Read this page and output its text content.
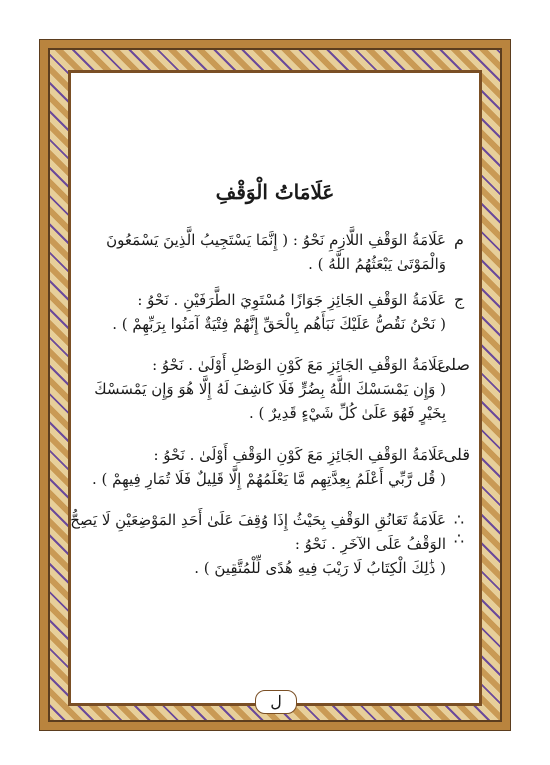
عَلَامَاتُ الْوَقْفِ
م
عَلَامَةُ الوَقْفِ اللَّازِمِ نَحْوُ : ( إِنَّمَا يَسْتَجِيبُ الَّذِينَ يَسْمَعُونَ
وَالْمَوْتَىٰ يَبْعَثُهُمُ اللَّهُ ) .
ج
عَلَامَةُ الوَقْفِ الجَائِزِ جَوَازًا مُسْتَوِيَ الطَّرَفَيْنِ . نَحْوُ :
( نَحْنُ نَقُصُّ عَلَيْكَ نَبَأَهُم بِالْحَقِّ إِنَّهُمْ فِتْيَةٌ آمَنُوا بِرَبِّهِمْ ) .
صلى
عَلَامَةُ الوَقْفِ الجَائِزِ مَعَ كَوْنِ الوَصْلِ أَوْلَىٰ . نَحْوُ :
( وَإِن يَمْسَسْكَ اللَّهُ بِضُرٍّ فَلَا كَاشِفَ لَهُ إِلَّا هُوَ وَإِن يَمْسَسْكَ
بِخَيْرٍ فَهُوَ عَلَىٰ كُلِّ شَيْءٍ قَدِيرٌ ) .
قلى
عَلَامَةُ الوَقْفِ الجَائِزِ مَعَ كَوْنِ الوَقْفِ أَوْلَىٰ . نَحْوُ :
( قُل رَّبِّي أَعْلَمُ بِعِدَّتِهِم مَّا يَعْلَمُهُمْ إِلَّا قَلِيلٌ فَلَا تُمَارِ فِيهِمْ ) .
∴ ∴
عَلَامَةُ تَعَانُقِ الوَقْفِ بِحَيْثُ إِذَا وُقِفَ عَلَىٰ أَحَدِ المَوْضِعَيْنِ لَا يَصِحُّ
الوَقْفُ عَلَى الآخَرِ . نَحْوُ :
( ذَٰلِكَ الْكِتَابُ لَا رَيْبَ فِيهِ هُدًى لِّلْمُتَّقِينَ ) .
ل
